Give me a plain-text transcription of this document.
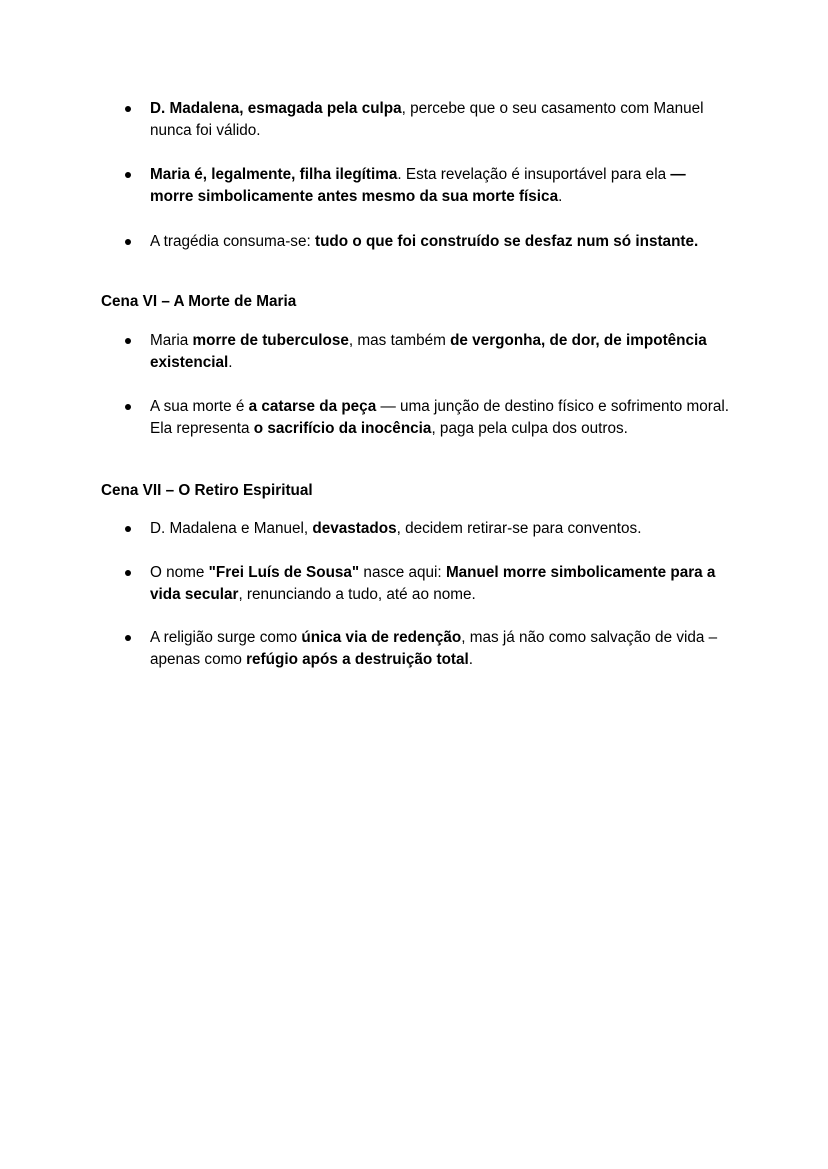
D. Madalena, esmagada pela culpa, percebe que o seu casamento com Manuel nunca foi válido.
Maria é, legalmente, filha ilegítima. Esta revelação é insuportável para ela — morre simbolicamente antes mesmo da sua morte física.
A tragédia consuma-se: tudo o que foi construído se desfaz num só instante.
Cena VI – A Morte de Maria
Maria morre de tuberculose, mas também de vergonha, de dor, de impotência existencial.
A sua morte é a catarse da peça — uma junção de destino físico e sofrimento moral. Ela representa o sacrifício da inocência, paga pela culpa dos outros.
Cena VII – O Retiro Espiritual
D. Madalena e Manuel, devastados, decidem retirar-se para conventos.
O nome "Frei Luís de Sousa" nasce aqui: Manuel morre simbolicamente para a vida secular, renunciando a tudo, até ao nome.
A religião surge como única via de redenção, mas já não como salvação de vida – apenas como refúgio após a destruição total.
